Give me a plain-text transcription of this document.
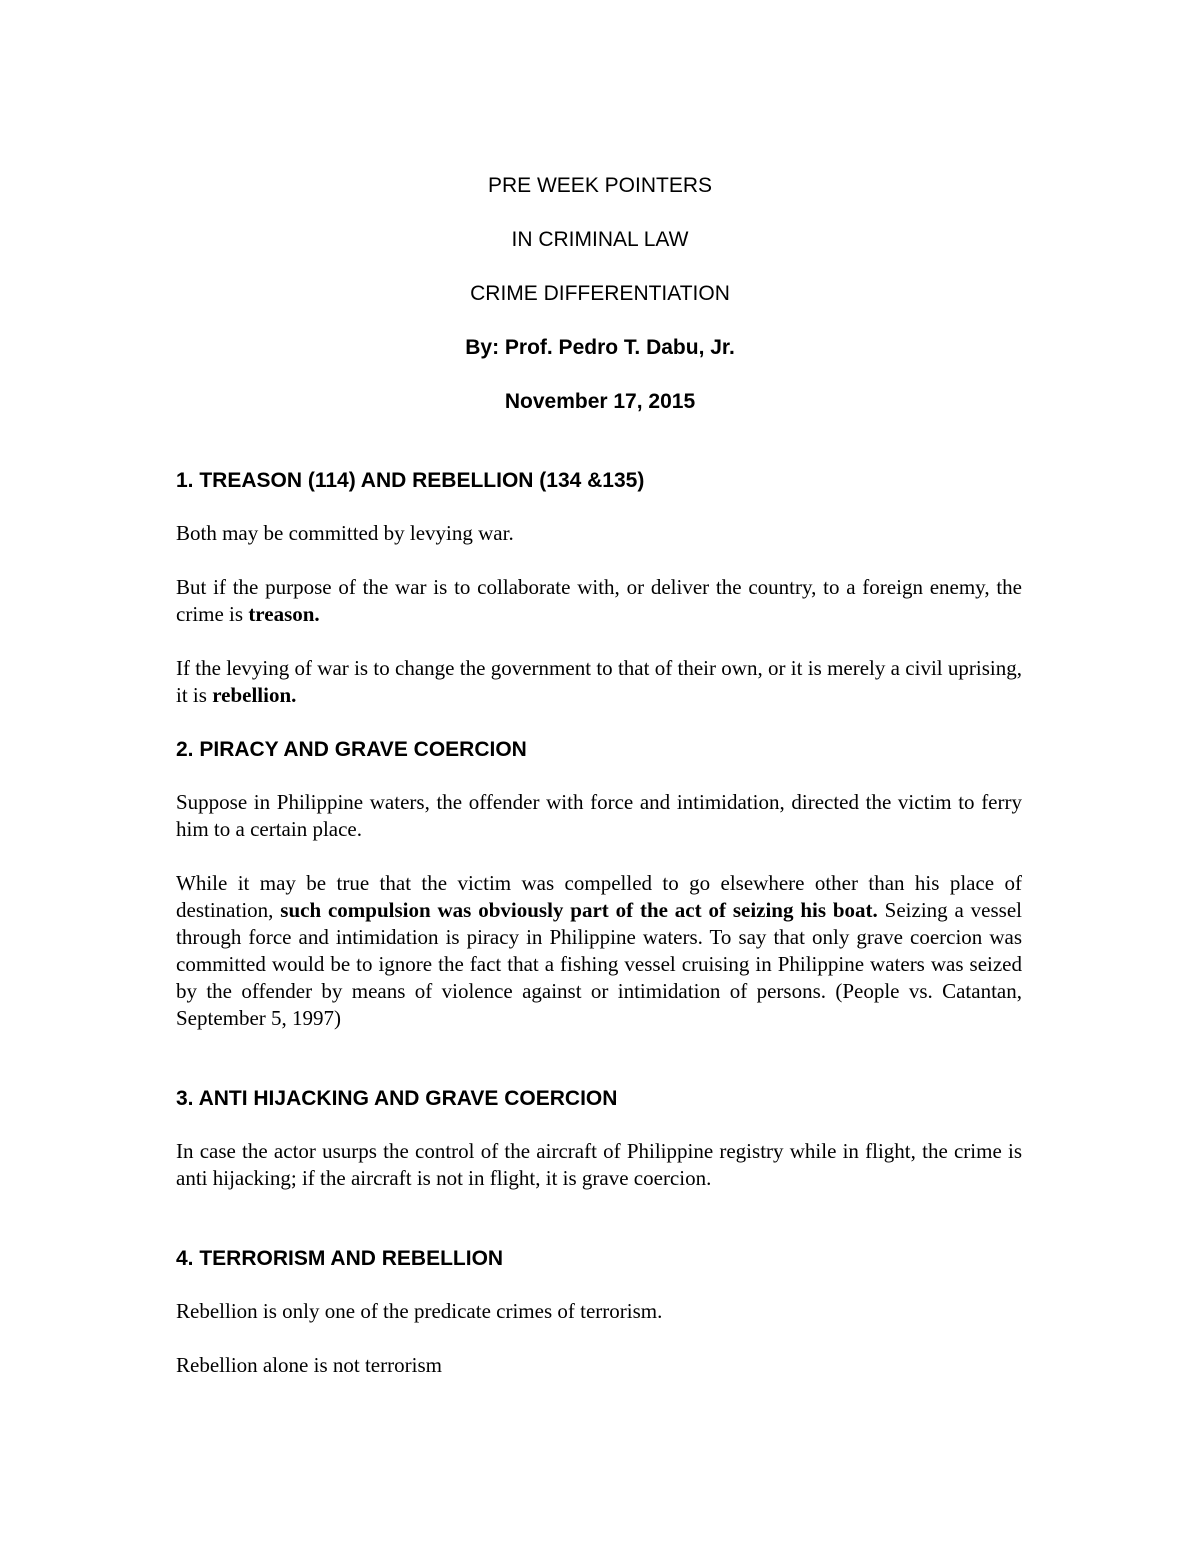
PRE WEEK POINTERS
IN CRIMINAL LAW
CRIME DIFFERENTIATION
By: Prof. Pedro T. Dabu, Jr.
November 17, 2015
1. TREASON (114) AND REBELLION (134 &135)

Both may be committed by levying war.

But if the purpose of the war is to collaborate with, or deliver the country, to a foreign enemy, the crime is treason.

If the levying of war is to change the government to that of their own, or it is merely a civil uprising, it is rebellion.

2. PIRACY AND GRAVE COERCION

Suppose in Philippine waters, the offender with force and intimidation, directed the victim to ferry him to a certain place.

While it may be true that the victim was compelled to go elsewhere other than his place of destination, such compulsion was obviously part of the act of seizing his boat. Seizing a vessel through force and intimidation is piracy in Philippine waters. To say that only grave coercion was committed would be to ignore the fact that a fishing vessel cruising in Philippine waters was seized by the offender by means of violence against or intimidation of persons. (People vs. Catantan, September 5, 1997)

3. ANTI HIJACKING AND GRAVE COERCION

In case the actor usurps the control of the aircraft of Philippine registry while in flight, the crime is anti hijacking; if the aircraft is not in flight, it is grave coercion.

4. TERRORISM AND REBELLION

Rebellion is only one of the predicate crimes of terrorism.

Rebellion alone is not terrorism
